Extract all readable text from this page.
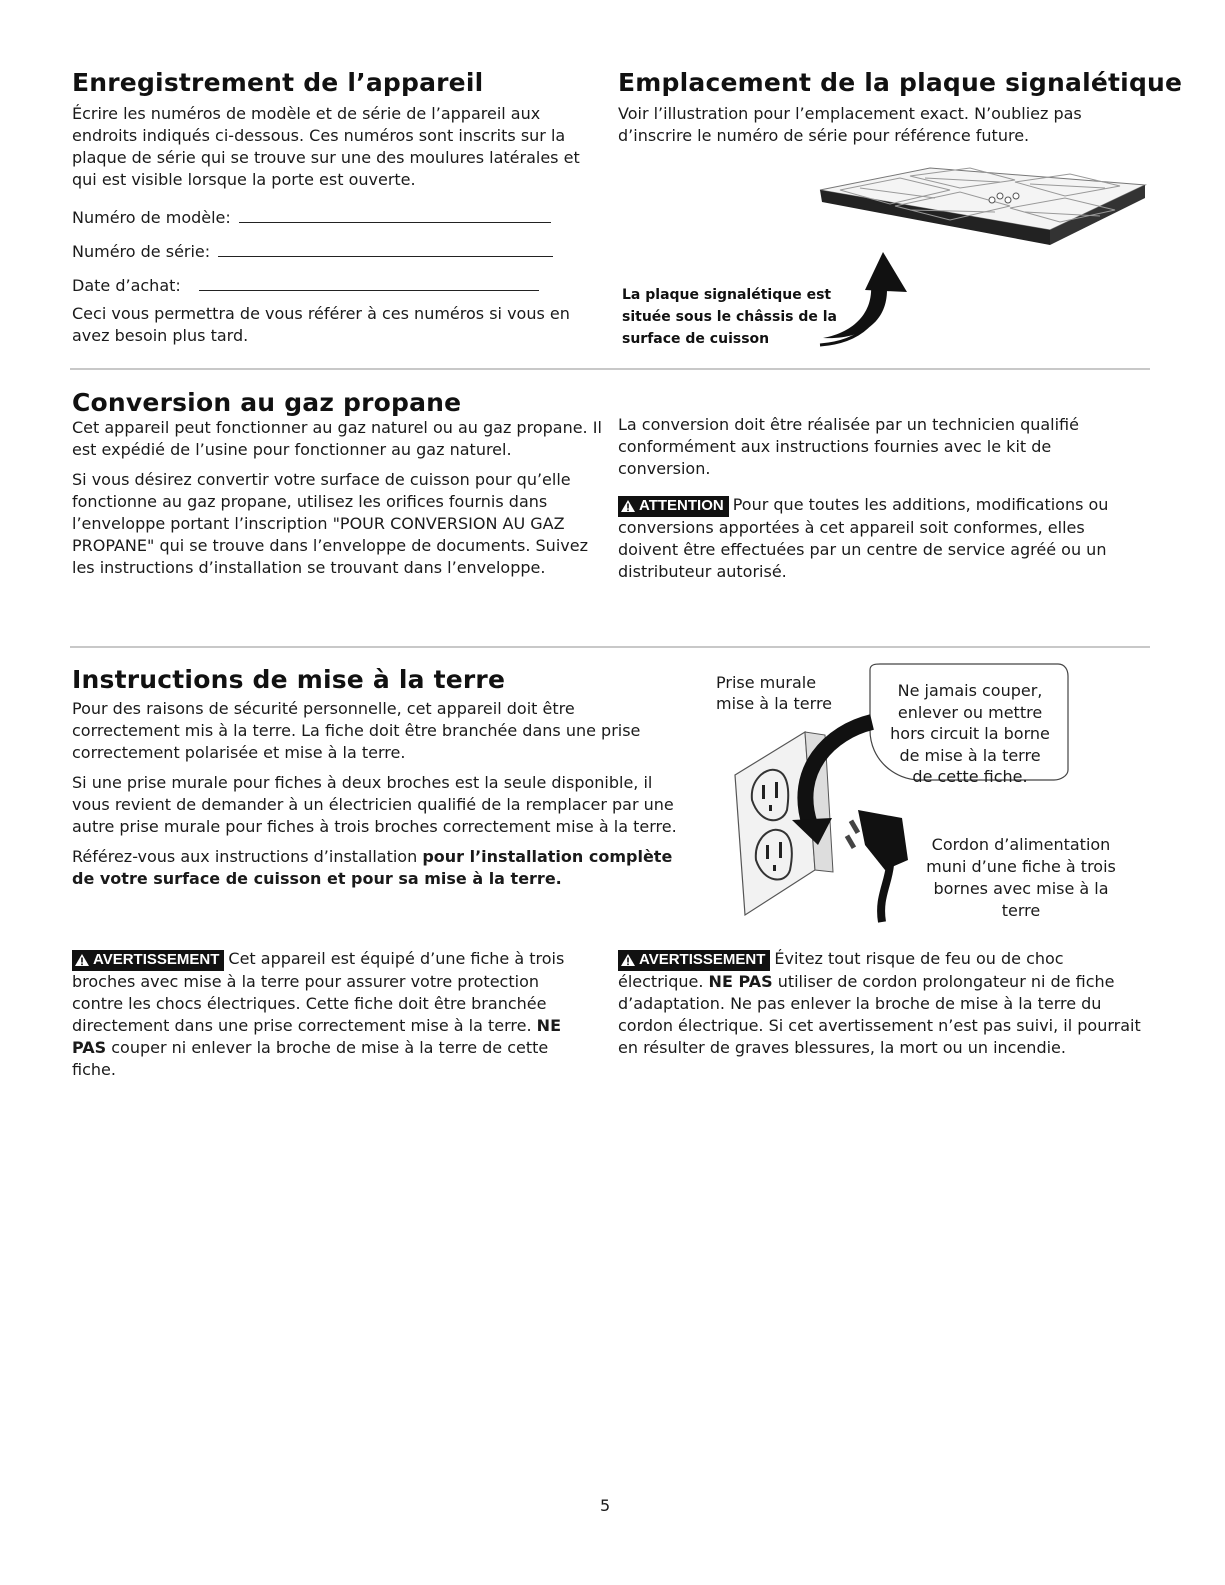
Enregistrement de l’appareil

Écrire les numéros de modèle et de série de l’appareil aux endroits indiqués ci-dessous. Ces numéros sont inscrits sur la plaque de série qui se trouve sur une des moulures latérales et qui est visible lorsque la porte est ouverte.

Numéro de modèle:
Numéro de série:
Date d’achat:

Ceci vous permettra de vous référer à ces numéros si vous en avez besoin plus tard.

Emplacement de la plaque signalétique

Voir l’illustration pour l’emplacement exact. N’oubliez pas d’inscrire le numéro de série pour référence future.

La plaque signalétique est
située sous le châssis de la
surface de cuisson
Conversion au gaz propane

Cet appareil peut fonctionner au gaz naturel ou au gaz propane. Il est expédié de l’usine pour fonctionner au gaz naturel.

Si vous désirez convertir votre surface de cuisson pour qu’elle fonctionne au gaz propane, utilisez les orifices fournis dans l’enveloppe portant l’inscription "POUR CONVERSION AU GAZ PROPANE" qui se trouve dans l’enveloppe de documents. Suivez les instructions d’installation se trouvant dans l’enveloppe.

La conversion doit être réalisée par un technicien qualifié conformément aux instructions fournies avec le kit de conversion.

ATTENTION Pour que toutes les additions, modifications ou conversions apportées à cet appareil soit conformes, elles doivent être effectuées par un centre de service agréé ou un distributeur autorisé.

Instructions de mise à la terre

Pour des raisons de sécurité personnelle, cet appareil doit être correctement mis à la terre. La fiche doit être branchée dans une prise correctement polarisée et mise à la terre.

Si une prise murale pour fiches à deux broches est la seule disponible, il vous revient de demander à un électricien qualifié de la remplacer par une autre prise murale pour fiches à trois broches correctement mise à la terre.

Référez-vous aux instructions d’installation pour l’installation complète de votre surface de cuisson et pour sa mise à la terre.

Prise murale
mise à la terre
Ne jamais couper,
enlever ou mettre
hors circuit la borne
de mise à la terre
de cette fiche.
Cordon d’alimentation
muni d’une fiche à trois
bornes avec mise à la
terre

AVERTISSEMENT Cet appareil est équipé d’une fiche à trois broches avec mise à la terre pour assurer votre protection contre les chocs électriques. Cette fiche doit être branchée directement dans une prise correctement mise à la terre. NE PAS couper ni enlever la broche de mise à la terre de cette fiche.

AVERTISSEMENT Évitez tout risque de feu ou de choc électrique. NE PAS utiliser de cordon prolongateur ni de fiche d’adaptation. Ne pas enlever la broche de mise à la terre du cordon électrique. Si cet avertissement n’est pas suivi, il pourrait en résulter de graves blessures, la mort ou un incendie.

5
